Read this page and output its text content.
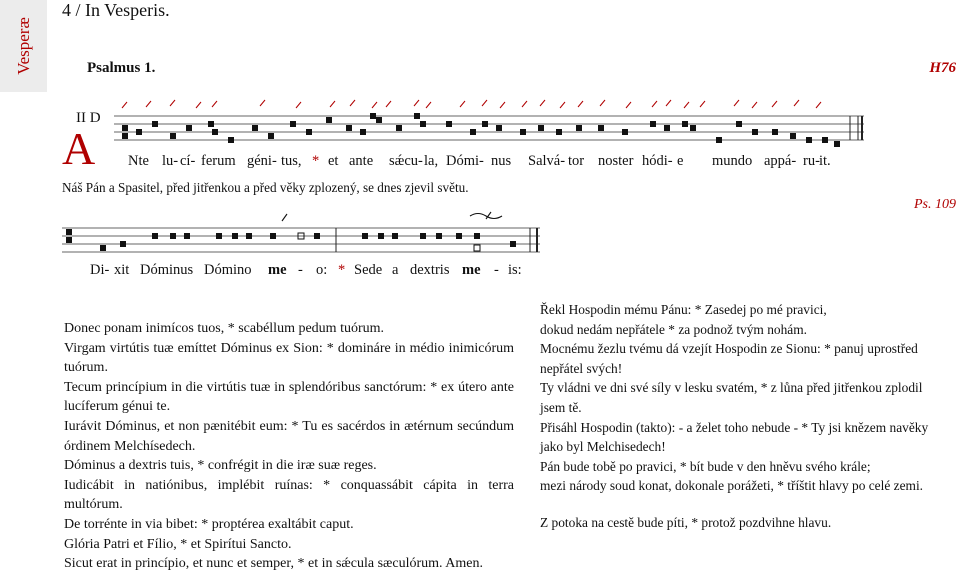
Vesperæ
4 / In Vesperis.
Psalmus 1.	H76
II D
A Nte lu- cí- ferum géni- tus, * et ante sǽcu- la, Dómi- nus Salvá- tor noster hódi- e mundo appá- ru- it.
Náš Pán a Spasitel, před jitřenkou a před věky zplozený, se dnes zjevil světu.
Ps. 109
Di- xit Dóminus Dómino me - o: * Sede a dextris me - is:

Donec ponam inimícos tuos, * scabéllum pedum tuórum.

Virgam virtútis tuæ emíttet Dóminus ex Sion: * domináre in médio inimicórum tuórum.

Tecum princípium in die virtútis tuæ in splendóribus sanctórum: * ex útero ante lucíferum génui te.

Iurávit Dóminus, et non pænitébit eum: * Tu es sacérdos in ætérnum secúndum órdinem Melchísedech.

Dóminus a dextris tuis, * confrégit in die iræ suæ reges.

Iudicábit in natiónibus, implébit ruínas: * conquassábit cápita in terra multórum.

De torrénte in via bibet: * proptérea exaltábit caput.

Glória Patri et Fílio, * et Spirítui Sancto.

Sicut erat in princípio, et nunc et semper, * et in sǽcula sæculórum. Amen.

Řekl Hospodin mému Pánu: * Zasedej po mé pravici,

dokud nedám nepřátele * za podnož tvým nohám.

Mocnému žezlu tvému dá vzejít Hospodin ze Sionu: * panuj uprostřed nepřátel svých!

Ty vládni ve dni své síly v lesku svatém, * z lůna před jitřenkou zplodil jsem tě.

Přisáhl Hospodin (takto): - a želet toho nebude - * Ty jsi knězem navěky jako byl Melchisedech!

Pán bude tobě po pravici, * bít bude v den hněvu svého krále;

mezi národy soud konat, dokonale porážeti, * tříštit hlavy po celé zemi.

Z potoka na cestě bude píti, * protož pozdvihne hlavu.
